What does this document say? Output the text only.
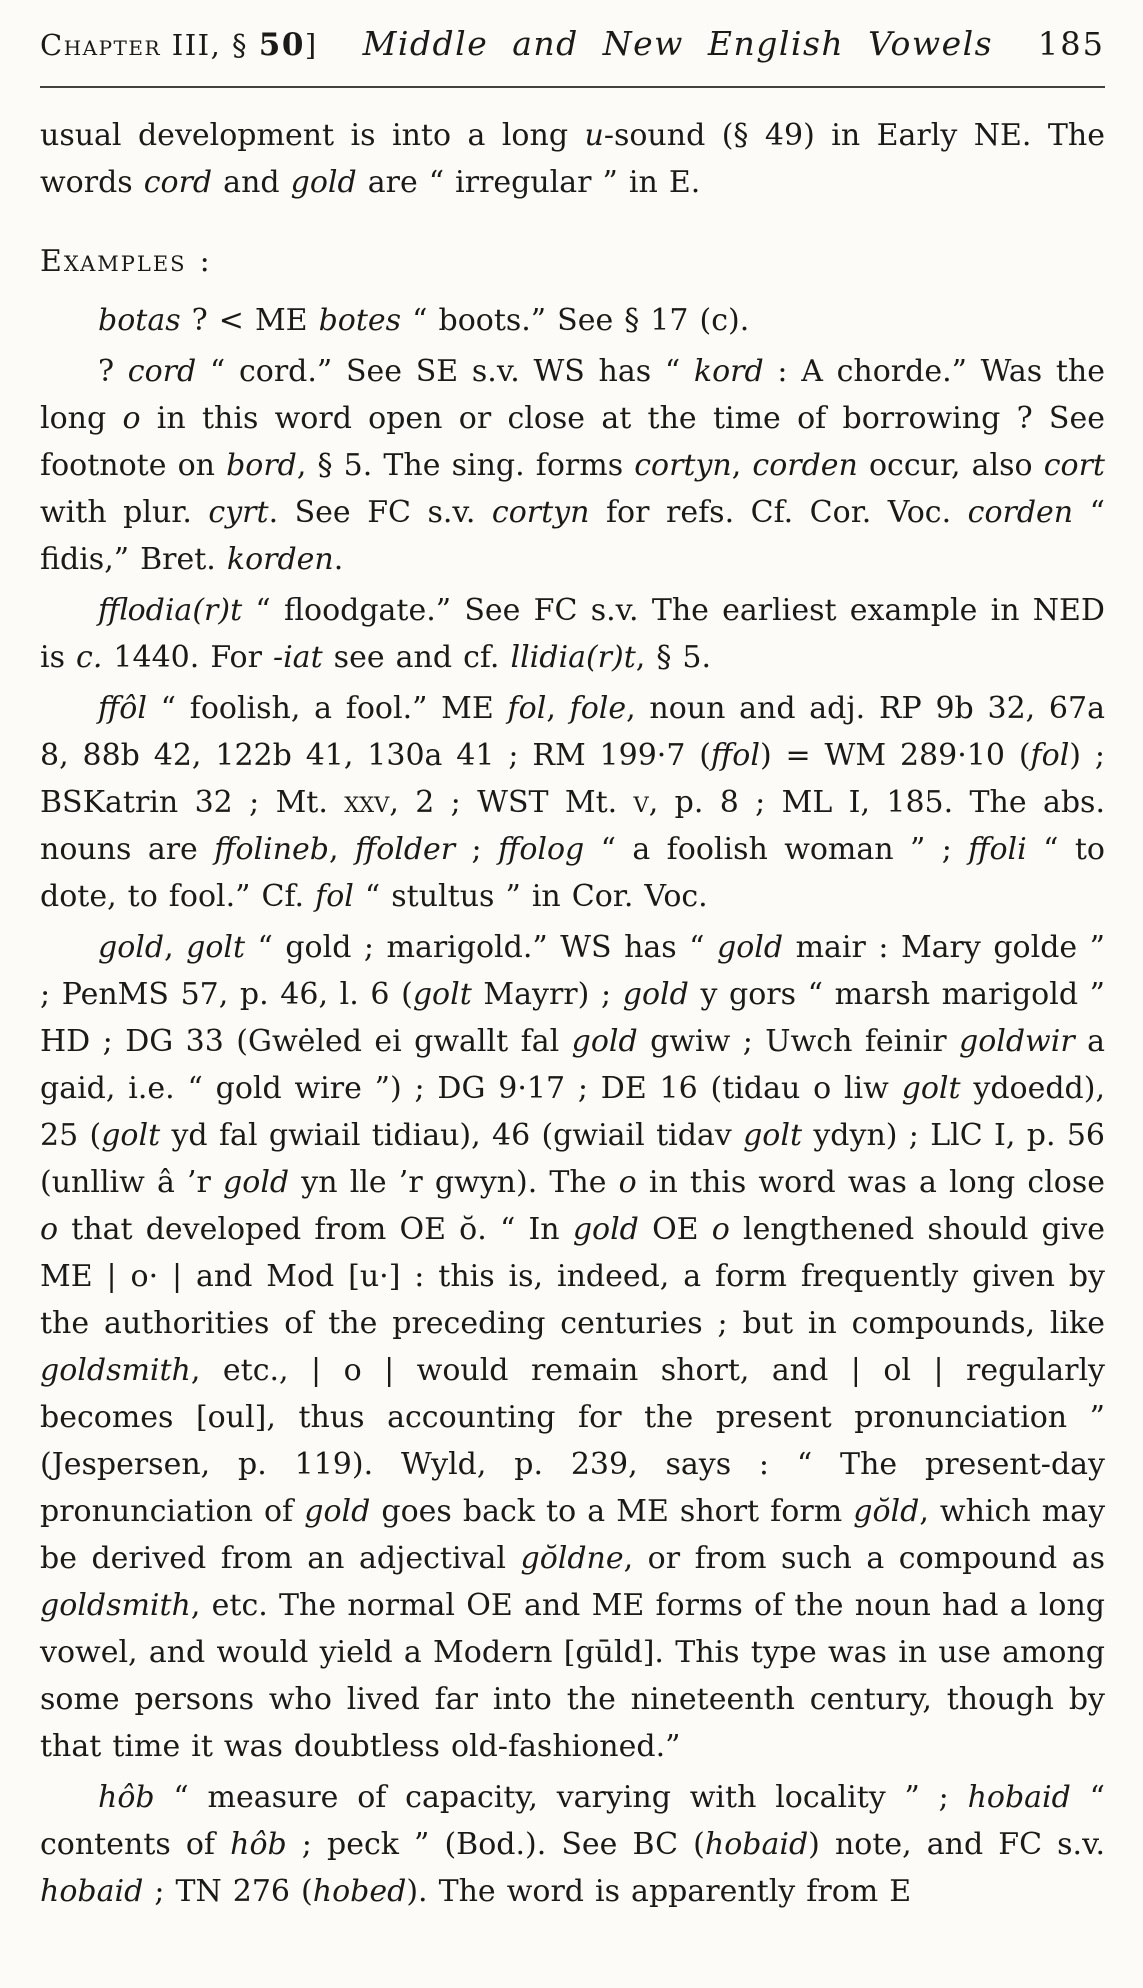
Chapter III, § 50]	Middle and New English Vowels	185

usual development is into a long u-sound (§ 49) in Early NE. The words cord and gold are “ irregular ” in E.

Examples :

botas ? < ME botes “ boots.” See § 17 (c).

? cord “ cord.” See SE s.v. WS has “ kord : A chorde.” Was the long o in this word open or close at the time of borrowing ? See footnote on bord, § 5. The sing. forms cortyn, corden occur, also cort with plur. cyrt. See FC s.v. cortyn for refs. Cf. Cor. Voc. corden “ fidis,” Bret. korden.

fflodia(r)t “ floodgate.” See FC s.v. The earliest example in NED is c. 1440. For -iat see and cf. llidia(r)t, § 5.

ffôl “ foolish, a fool.” ME fol, fole, noun and adj. RP 9b 32, 67a 8, 88b 42, 122b 41, 130a 41 ; RM 199·7 (ffol) = WM 289·10 (fol) ; BSKatrin 32 ; Mt. xxv, 2 ; WST Mt. v, p. 8 ; ML I, 185. The abs. nouns are ffolineb, ffolder ; ffolog “ a foolish woman ” ; ffoli “ to dote, to fool.” Cf. fol “ stultus ” in Cor. Voc.

gold, golt “ gold ; marigold.” WS has “ gold mair : Mary golde ” ; PenMS 57, p. 46, l. 6 (golt Mayrr) ; gold y gors “ marsh marigold ” HD ; DG 33 (Gwėled ei gwallt fal gold gwiw ; Uwch feinir goldwir a gaid, i.e. “ gold wire ”) ; DG 9·17 ; DE 16 (tidau o liw golt ydoedd), 25 (golt yd fal gwiail tidiau), 46 (gwiail tidav golt ydyn) ; LlC I, p. 56 (unlliw â ’r gold yn lle ’r gwyn). The o in this word was a long close o that developed from OE ŏ. “ In gold OE o lengthened should give ME | o· | and Mod [u·] : this is, indeed, a form frequently given by the authorities of the preceding centuries ; but in compounds, like goldsmith, etc., | o | would remain short, and | ol | regularly becomes [oul], thus accounting for the present pronunciation ” (Jespersen, p. 119). Wyld, p. 239, says : “ The present-day pronunciation of gold goes back to a ME short form gŏld, which may be derived from an adjectival gŏldne, or from such a compound as goldsmith, etc. The normal OE and ME forms of the noun had a long vowel, and would yield a Modern [gūld]. This type was in use among some persons who lived far into the nineteenth century, though by that time it was doubtless old-fashioned.”

hôb “ measure of capacity, varying with locality ” ; hobaid “ contents of hôb ; peck ” (Bod.). See BC (hobaid) note, and FC s.v. hobaid ; TN 276 (hobed). The word is apparently from E
